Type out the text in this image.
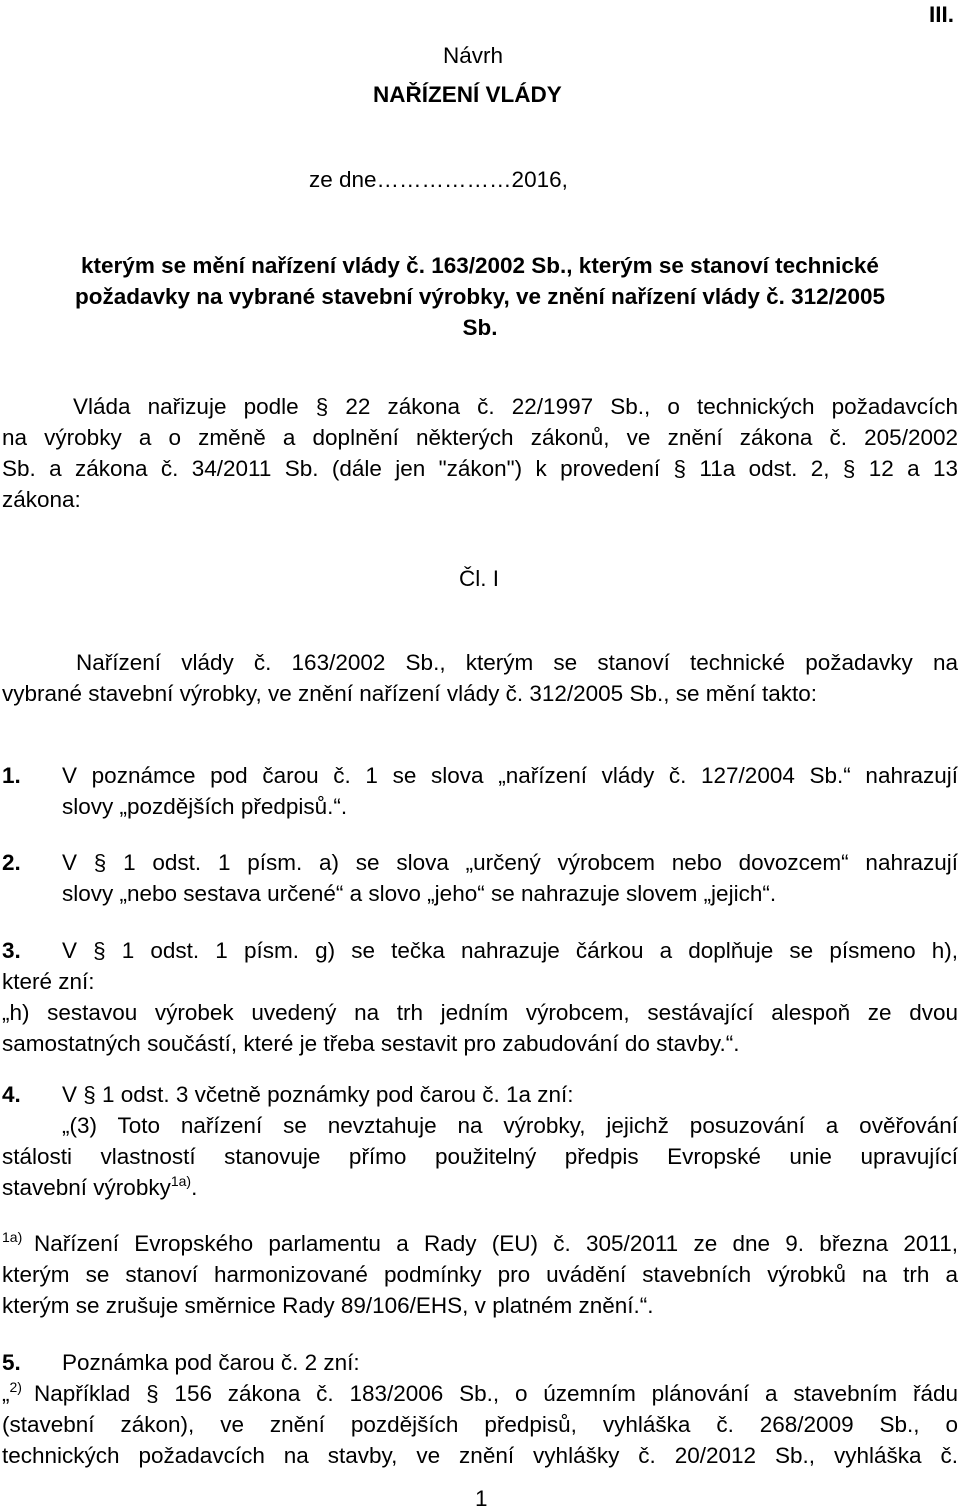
III.
Návrh
NAŘÍZENÍ VLÁDY
ze dne………………2016,
kterým se mění nařízení vlády č. 163/2002 Sb., kterým se stanoví technické
požadavky na vybrané stavební výrobky, ve znění nařízení vlády č. 312/2005
Sb.
Vláda nařizuje podle § 22 zákona č. 22/1997 Sb., o technických požadavcích
na výrobky a o změně a doplnění některých zákonů, ve znění zákona č. 205/2002
Sb. a zákona č. 34/2011 Sb. (dále jen "zákon") k provedení § 11a odst. 2, § 12 a 13
zákona:
Čl. I
Nařízení vlády č. 163/2002 Sb., kterým se stanoví technické požadavky na
vybrané stavební výrobky, ve znění nařízení vlády č. 312/2005 Sb., se mění takto:
1. V poznámce pod čarou č. 1 se slova „nařízení vlády č. 127/2004 Sb.“ nahrazují
slovy „pozdějších předpisů.“.
2. V § 1 odst. 1 písm. a) se slova „určený výrobcem nebo dovozcem“ nahrazují
slovy „nebo sestava určené“ a slovo „jeho“ se nahrazuje slovem „jejich“.
3. V § 1 odst. 1 písm. g) se tečka nahrazuje čárkou a doplňuje se písmeno h),
které zní:
„h) sestavou výrobek uvedený na trh jedním výrobcem, sestávající alespoň ze dvou
samostatných součástí, které je třeba sestavit pro zabudování do stavby.“.
4. V § 1 odst. 3 včetně poznámky pod čarou č. 1a zní:
„(3) Toto nařízení se nevztahuje na výrobky, jejichž posuzování a ověřování
stálosti vlastností stanovuje přímo použitelný předpis Evropské unie upravující
stavební výrobky$^{1a)}$.
$^{1a)}$ Nařízení Evropského parlamentu a Rady (EU) č. 305/2011 ze dne 9. března 2011,
kterým se stanoví harmonizované podmínky pro uvádění stavebních výrobků na trh a
kterým se zrušuje směrnice Rady 89/106/EHS, v platném znění.“.
5. Poznámka pod čarou č. 2 zní:
„$^{2)}$ Například § 156 zákona č. 183/2006 Sb., o územním plánování a stavebním řádu
(stavební zákon), ve znění pozdějších předpisů, vyhláška č. 268/2009 Sb., o
technických požadavcích na stavby, ve znění vyhlášky č. 20/2012 Sb., vyhláška č.
1
